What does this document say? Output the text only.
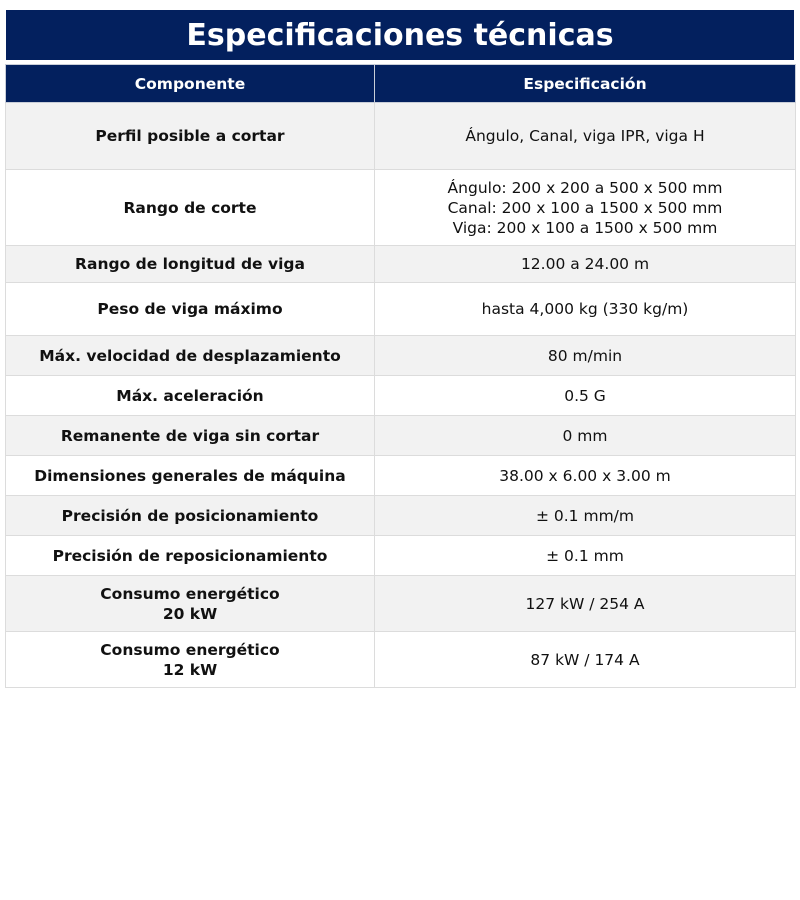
Especificaciones técnicas
Componente	Especificación

Perfil posible a cortar	Ángulo, Canal, viga IPR, viga H

Rango de corte	Ángulo: 200 x 200 a 500 x 500 mm
Canal: 200 x 100 a 1500 x 500 mm
Viga: 200 x 100 a 1500 x 500 mm

Rango de longitud de viga	12.00 a 24.00 m

Peso de viga máximo	hasta 4,000 kg (330 kg/m)

Máx. velocidad de desplazamiento	80 m/min

Máx. aceleración	0.5 G

Remanente de viga sin cortar	0 mm

Dimensiones generales de máquina	38.00 x 6.00 x 3.00 m

Precisión de posicionamiento	± 0.1 mm/m

Precisión de reposicionamiento	± 0.1 mm

Consumo energético
20 kW	127 kW / 254 A

Consumo energético
12 kW	87 kW / 174 A
